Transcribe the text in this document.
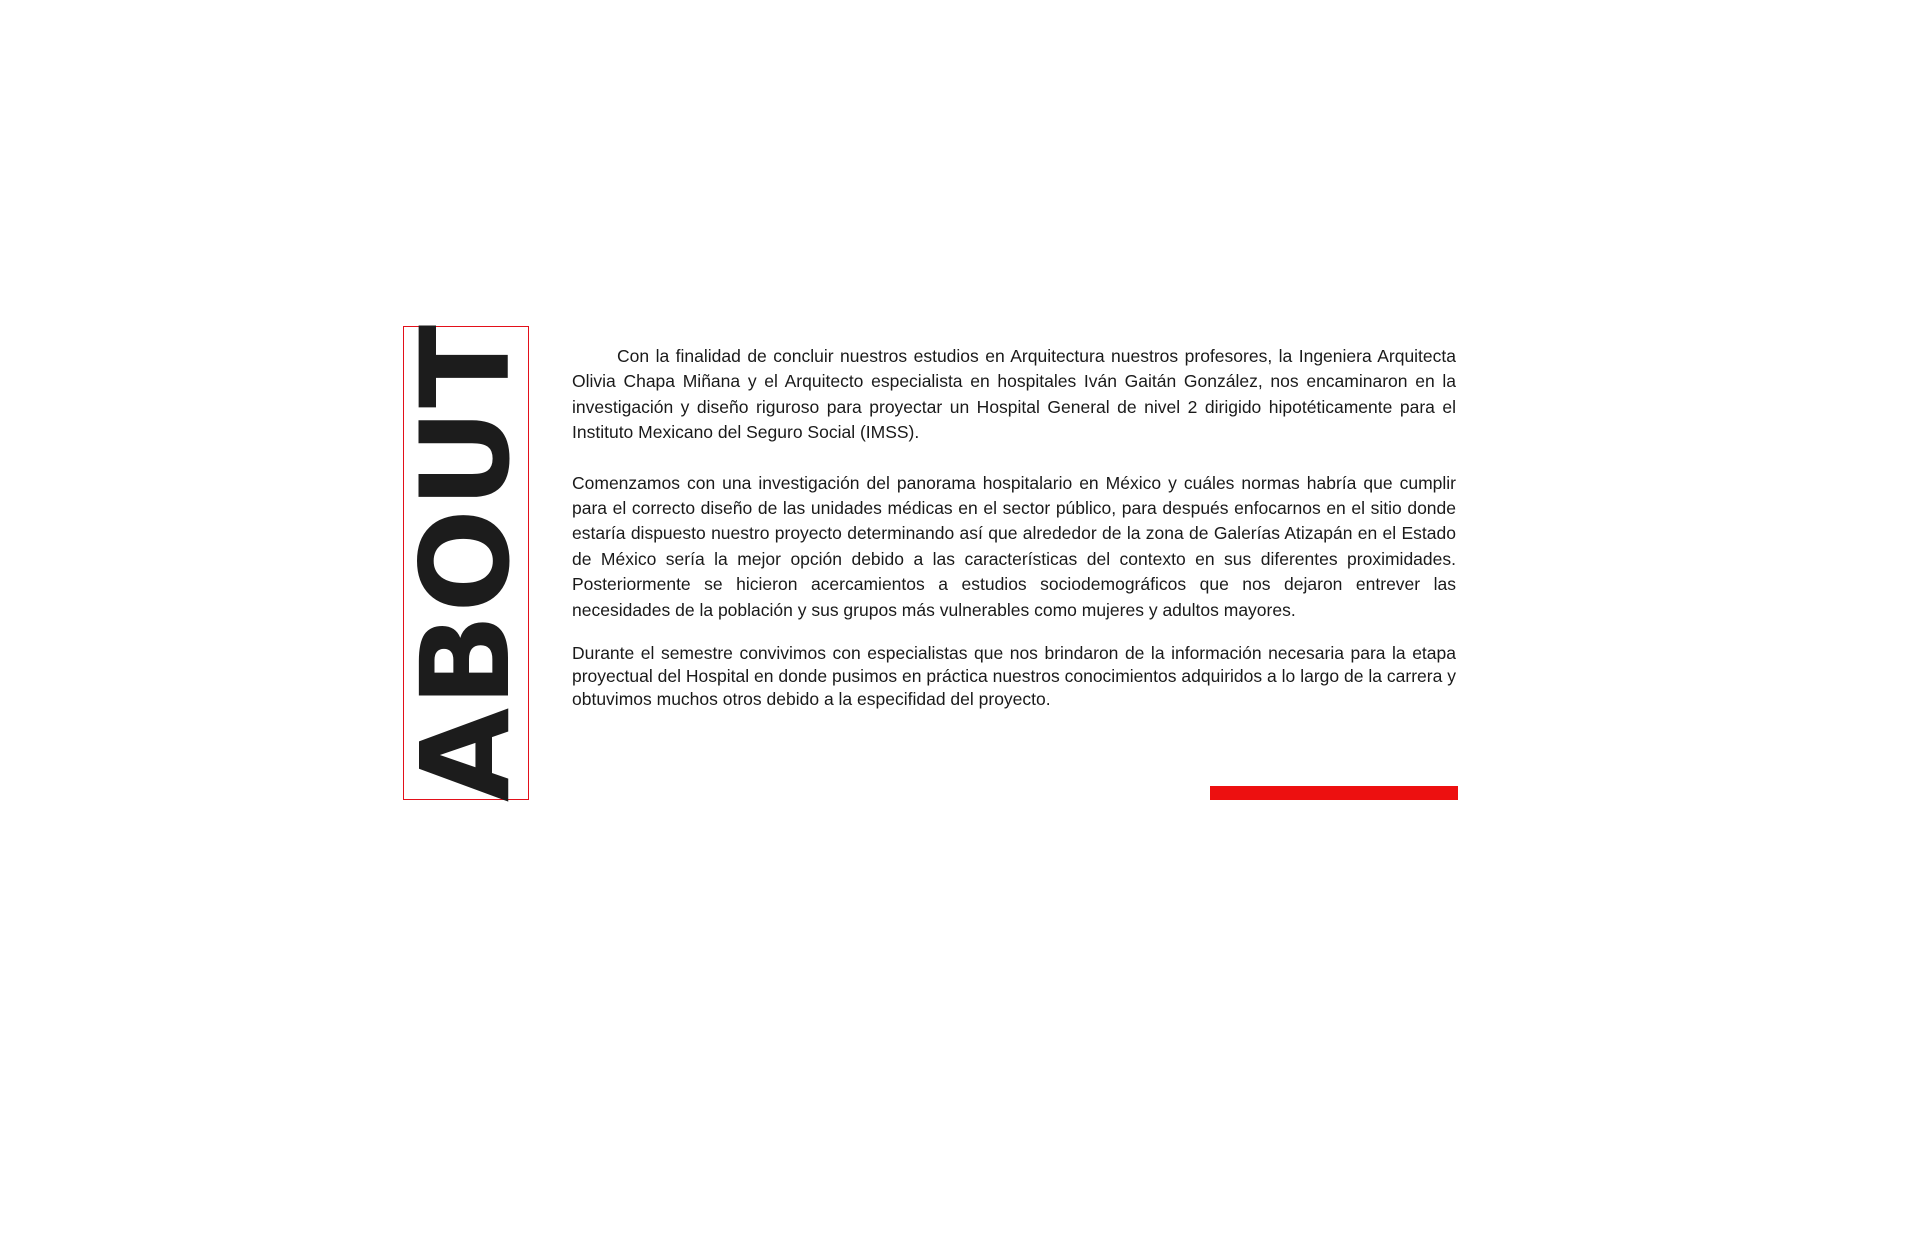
ABOUT	Con la finalidad de concluir nuestros estudios en Arquitectura nuestros profesores, la Ingeniera Arquitecta Olivia Chapa Miñana y el Arquitecto especialista en hospitales Iván Gaitán González, nos encaminaron en la investigación y diseño riguroso para proyectar un Hospital General de nivel 2 dirigido hipotéticamente para el Instituto Mexicano del Seguro Social (IMSS).

Comenzamos con una investigación del panorama hospitalario en México y cuáles normas habría que cumplir para el correcto diseño de las unidades médicas en el sector público, para después enfocarnos en el sitio donde estaría dispuesto nuestro proyecto determinando así que alrededor de la zona de Galerías Atizapán en el Estado de México sería la mejor opción debido a las características del contexto en sus diferentes proximidades. Posteriormente se hicieron acercamientos a estudios sociodemográficos que nos dejaron entrever las necesidades de la población y sus grupos más vulnerables como mujeres y adultos mayores.

Durante el semestre convivimos con especialistas que nos brindaron de la información necesaria para la etapa proyectual del Hospital en donde pusimos en práctica nuestros conocimientos adquiridos a lo largo de la carrera y obtuvimos muchos otros debido a la especifidad del proyecto.
